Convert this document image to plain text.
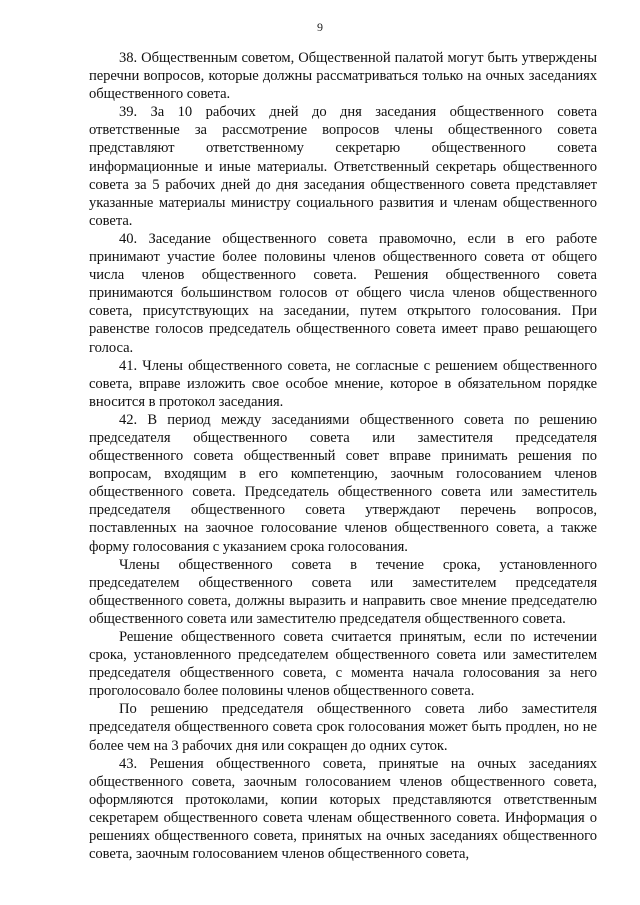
9

38. Общественным советом, Общественной палатой могут быть утверждены перечни вопросов, которые должны рассматриваться только на очных заседаниях общественного совета.

39. За 10 рабочих дней до дня заседания общественного совета ответственные за рассмотрение вопросов члены общественного совета представляют ответственному секретарю общественного совета информационные и иные материалы. Ответственный секретарь общественного совета за 5 рабочих дней до дня заседания общественного совета представляет указанные материалы министру социального развития и членам общественного совета.

40. Заседание общественного совета правомочно, если в его работе принимают участие более половины членов общественного совета от общего числа членов общественного совета. Решения общественного совета принимаются большинством голосов от общего числа членов общественного совета, присутствующих на заседании, путем открытого голосования. При равенстве голосов председатель общественного совета имеет право решающего голоса.

41. Члены общественного совета, не согласные с решением общественного совета, вправе изложить свое особое мнение, которое в обязательном порядке вносится в протокол заседания.

42. В период между заседаниями общественного совета по решению председателя общественного совета или заместителя председателя общественного совета общественный совет вправе принимать решения по вопросам, входящим в его компетенцию, заочным голосованием членов общественного совета. Председатель общественного совета или заместитель председателя общественного совета утверждают перечень вопросов, поставленных на заочное голосование членов общественного совета, а также форму голосования с указанием срока голосования.

Члены общественного совета в течение срока, установленного председателем общественного совета или заместителем председателя общественного совета, должны выразить и направить свое мнение председателю общественного совета или заместителю председателя общественного совета.

Решение общественного совета считается принятым, если по истечении срока, установленного председателем общественного совета или заместителем председателя общественного совета, с момента начала голосования за него проголосовало более половины членов общественного совета.

По решению председателя общественного совета либо заместителя председателя общественного совета срок голосования может быть продлен, но не более чем на 3 рабочих дня или сокращен до одних суток.

43. Решения общественного совета, принятые на очных заседаниях общественного совета, заочным голосованием членов общественного совета, оформляются протоколами, копии которых представляются ответственным секретарем общественного совета членам общественного совета. Информация о решениях общественного совета, принятых на очных заседаниях общественного совета, заочным голосованием членов общественного совета,
